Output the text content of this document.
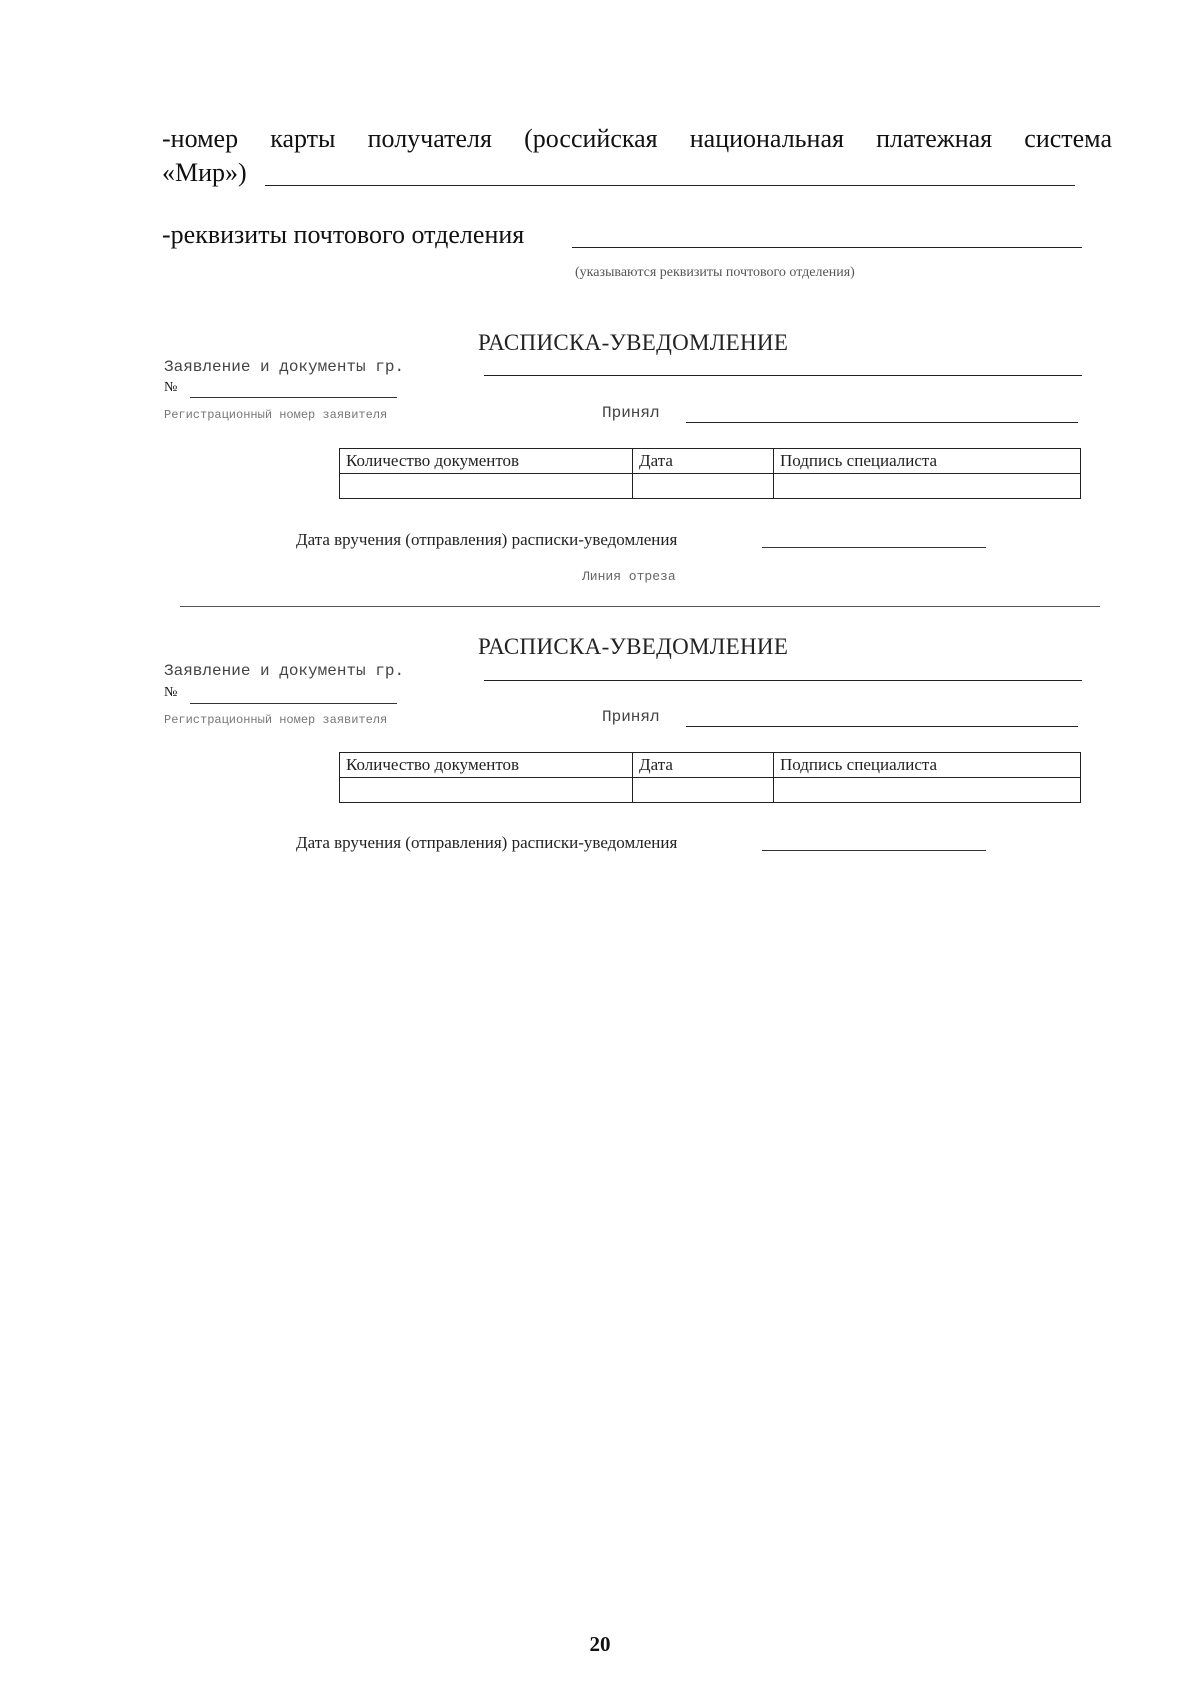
-номер карты получателя (российская национальная платежная система
«Мир»)
-реквизиты почтового отделения
(указываются реквизиты почтового отделения)
РАСПИСКА-УВЕДОМЛЕНИЕ
Заявление и документы гр.
№
Регистрационный номер заявителя	Принял
Количество документов	Дата	Подпись специалиста

Дата вручения (отправления) расписки-уведомления
Линия отреза
РАСПИСКА-УВЕДОМЛЕНИЕ
Заявление и документы гр.
№
Регистрационный номер заявителя	Принял
Количество документов	Дата	Подпись специалиста

Дата вручения (отправления) расписки-уведомления
20
